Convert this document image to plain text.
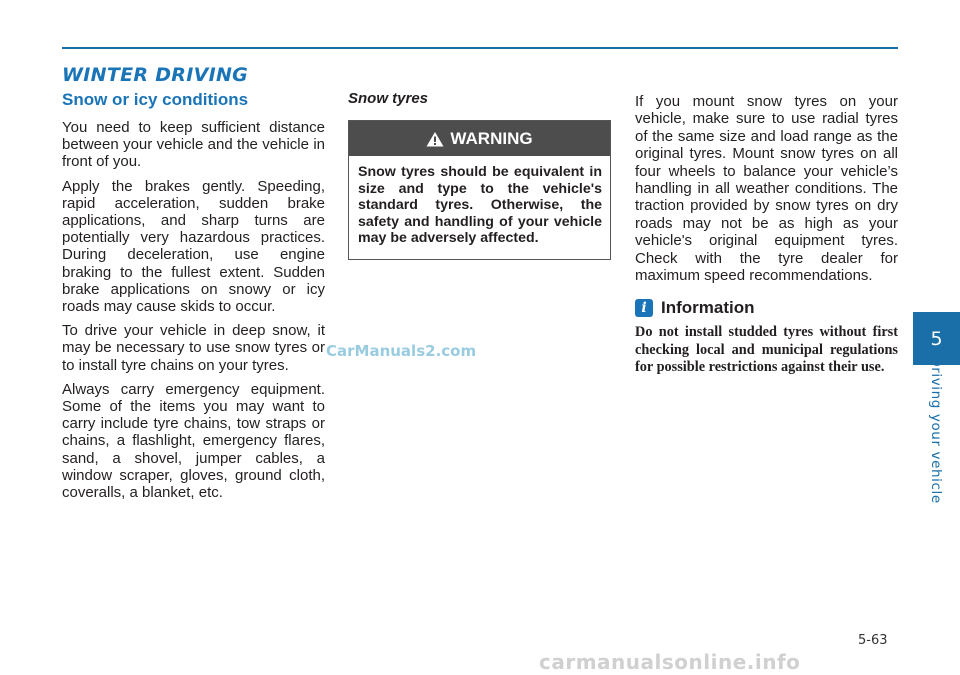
WINTER DRIVING
Snow or icy conditions

You need to keep sufficient distance between your vehicle and the vehicle in front of you.

Apply the brakes gently. Speeding, rapid acceleration, sudden brake applications, and sharp turns are potentially very hazardous practices. During deceleration, use engine braking to the fullest extent. Sudden brake applications on snowy or icy roads may cause skids to occur.

To drive your vehicle in deep snow, it may be necessary to use snow tyres or to install tyre chains on your tyres.

Always carry emergency equipment. Some of the items you may want to carry include tyre chains, tow straps or chains, a flashlight, emergency flares, sand, a shovel, jumper cables, a window scraper, gloves, ground cloth, coveralls, a blanket, etc.

Snow tyres
WARNING
Snow tyres should be equivalent in size and type to the vehicle's standard tyres. Otherwise, the safety and handling of your vehicle may be adversely affected.

If you mount snow tyres on your vehicle, make sure to use radial tyres of the same size and load range as the original tyres. Mount snow tyres on all four wheels to balance your vehicle’s handling in all weather conditions. The traction provided by snow tyres on dry roads may not be as high as your vehicle's original equipment tyres. Check with the tyre dealer for maximum speed recommendations.

i Information

Do not install studded tyres without first checking local and municipal regulations for possible restrictions against their use.

5
Driving your vehicle
5-63
CarManuals2.com
carmanualsonline.info
